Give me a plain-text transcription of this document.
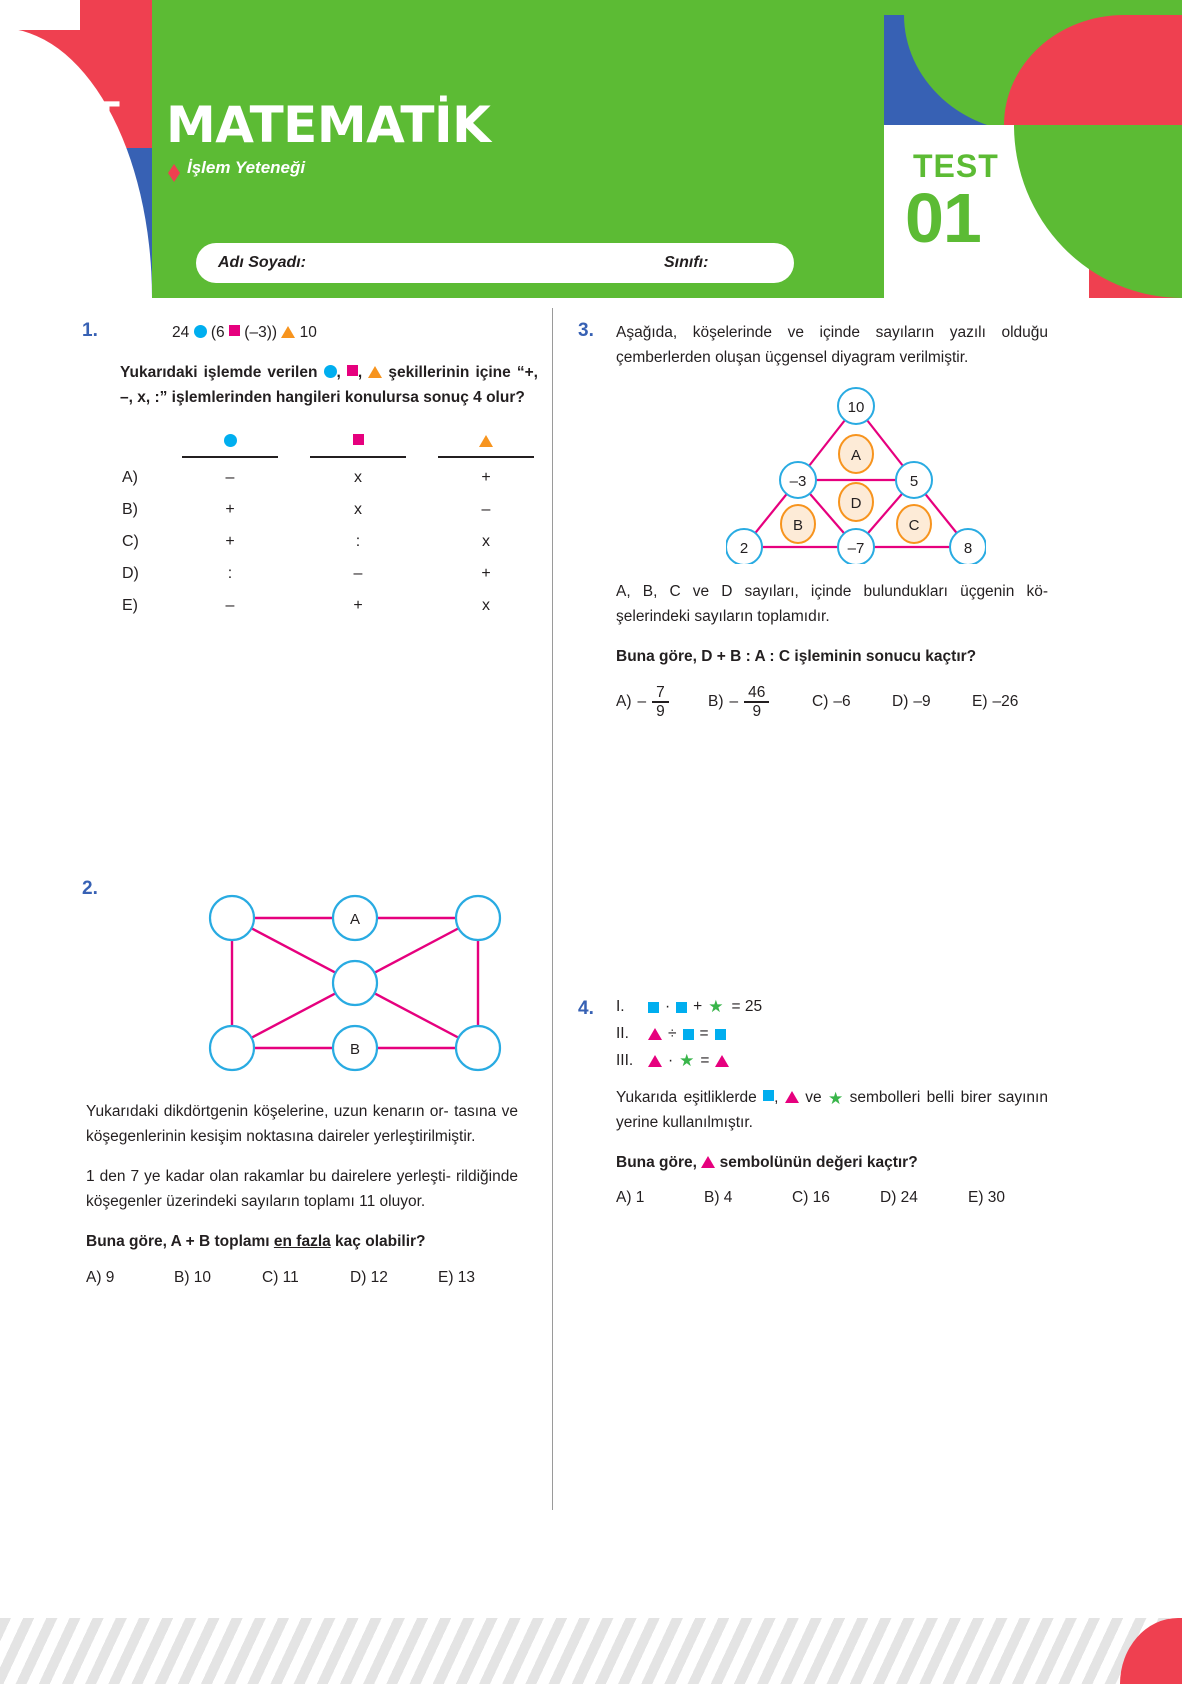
TYT MATEMATİK
İşlem Yeteneği	TEST
01
Adı Soyadı:	Sınıfı:
1.	24 (6 (–3)) 10
Yukarıdaki işlemde verilen , ,  şekillerinin içine “+, –, x, :” işlemlerinden hangileri konulursa sonuç 4 olur?

A)	–	x	+
B)	+	x	–
C)	+	:	x
D)	:	–	+
E)	–	+	x
2.
A
B
Yukarıdaki dikdörtgenin köşelerine, uzun kenarın or- tasına ve köşegenlerinin kesişim noktasına daireler yerleştirilmiştir.
1 den 7 ye kadar olan rakamlar bu dairelere yerleşti- rildiğinde köşegenler üzerindeki sayıların toplamı 11 oluyor.
Buna göre, A + B toplamı en fazla kaç olabilir?
A) 9	B) 10	C) 11	D) 12	E) 13
3. Aşağıda, köşelerinde ve içinde sayıların yazılı olduğu çemberlerden oluşan üçgensel diyagram verilmiştir.
10
–3	5
2	–7	8
A
B	C
D
A, B, C ve D sayıları, içinde bulundukları üçgenin kö- şelerindeki sayıların toplamıdır.
Buna göre, D + B : A : C işleminin sonucu kaçtır?
$A) - \frac{7}{9}$	$B) - \frac{46}{9}$	C) –6	D) –9	E) –26
4. I.	· + ★ = 25
II.	÷ =
III.	· ★ =
Yukarıda eşitliklerde ,  ve ★ sembolleri belli birer sayının yerine kullanılmıştır.
Buna göre,  sembolünün değeri kaçtır?
A) 1	B) 4	C) 16	D) 24	E) 30
